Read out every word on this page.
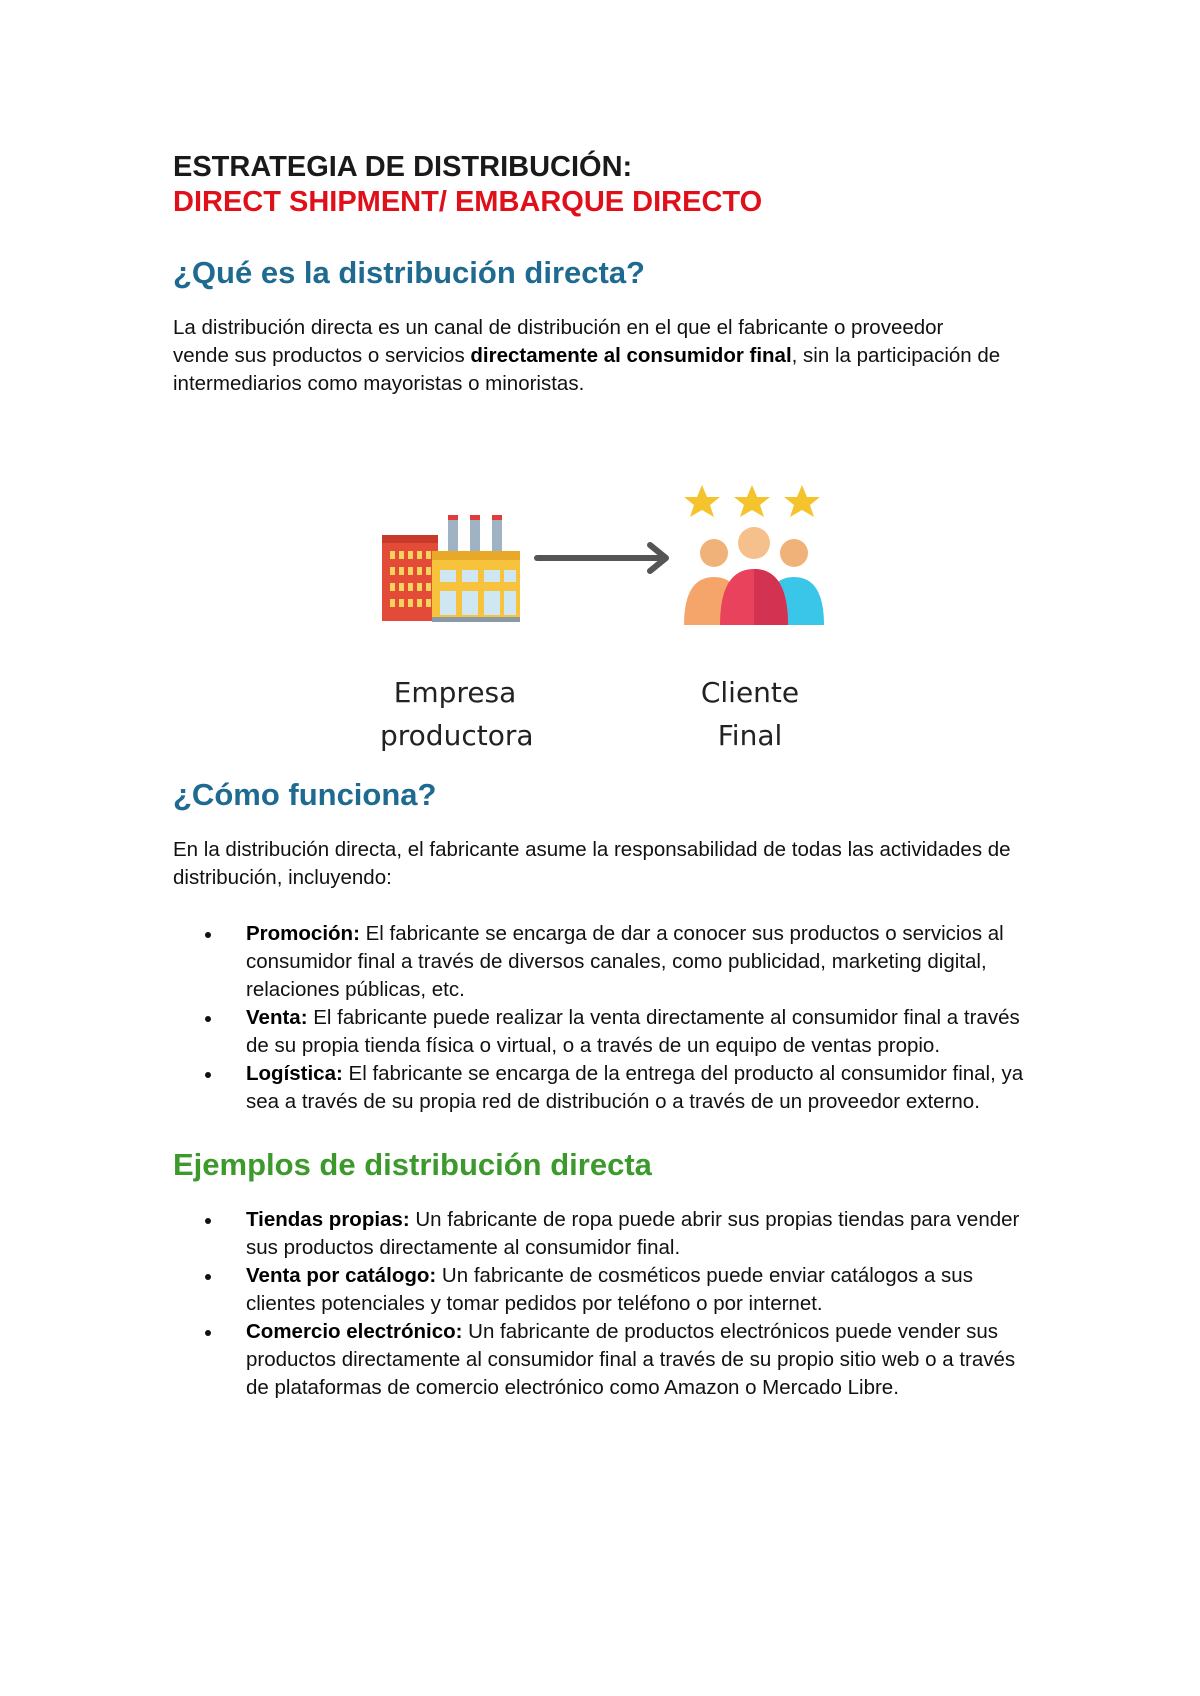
ESTRATEGIA DE DISTRIBUCIÓN:
DIRECT SHIPMENT/ EMBARQUE DIRECTO
¿Qué es la distribución directa?

La distribución directa es un canal de distribución en el que el fabricante o proveedor vende sus productos o servicios directamente al consumidor final, sin la participación de intermediarios como mayoristas o minoristas.

¿Cómo funciona?

En la distribución directa, el fabricante asume la responsabilidad de todas las actividades de distribución, incluyendo:

Promoción: El fabricante se encarga de dar a conocer sus productos o servicios al consumidor final a través de diversos canales, como publicidad, marketing digital, relaciones públicas, etc.
Venta: El fabricante puede realizar la venta directamente al consumidor final a través de su propia tienda física o virtual, o a través de un equipo de ventas propio.
Logística: El fabricante se encarga de la entrega del producto al consumidor final, ya sea a través de su propia red de distribución o a través de un proveedor externo.
Ejemplos de distribución directa
Tiendas propias: Un fabricante de ropa puede abrir sus propias tiendas para vender sus productos directamente al consumidor final.
Venta por catálogo: Un fabricante de cosméticos puede enviar catálogos a sus clientes potenciales y tomar pedidos por teléfono o por internet.
Comercio electrónico: Un fabricante de productos electrónicos puede vender sus productos directamente al consumidor final a través de su propio sitio web o a través de plataformas de comercio electrónico como Amazon o Mercado Libre.
Empresa
productora
Cliente
Final
